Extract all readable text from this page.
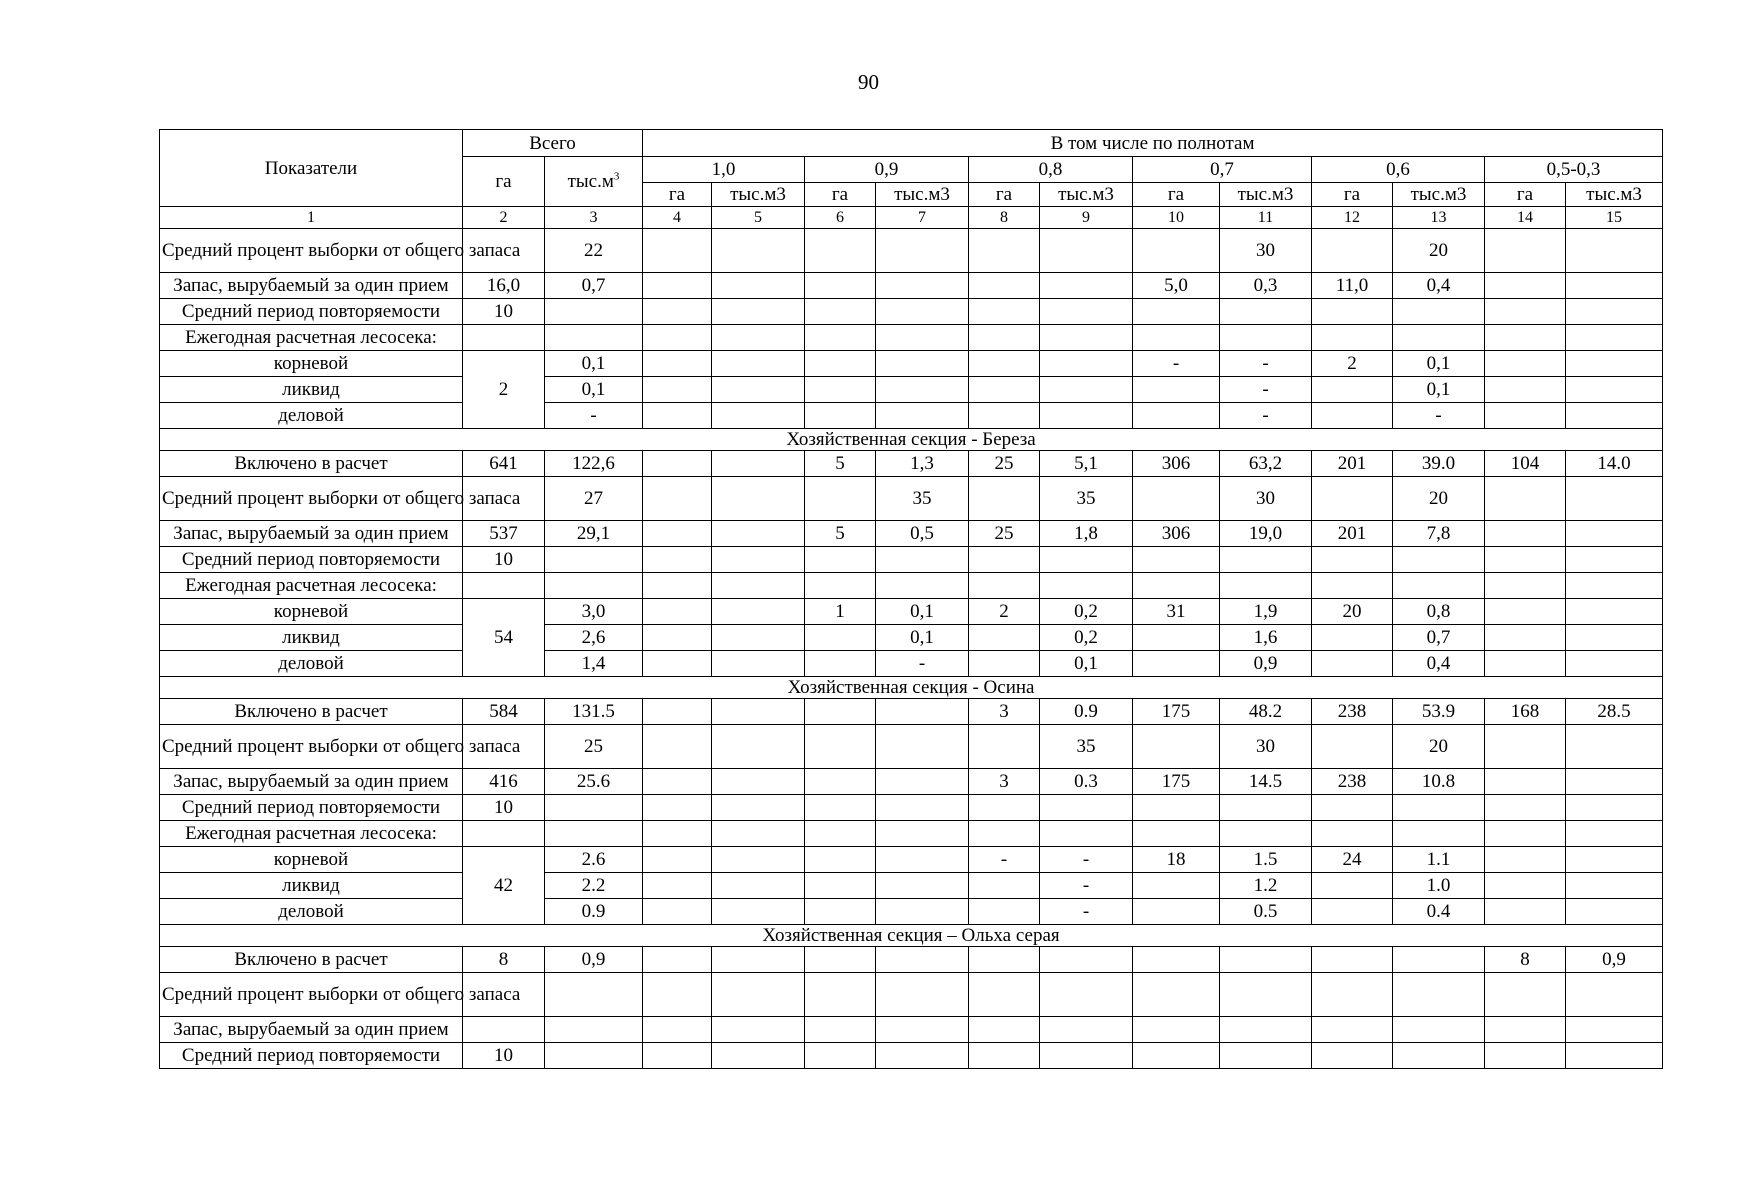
90
Показатели	Всего		В том числе по полнотам											
	га	$тыс.м^3$	1,0		0,9		0,8		0,7		0,6		0,5-0,3	
			га	тыс.м3	га	тыс.м3	га	тыс.м3	га	тыс.м3	га	тыс.м3	га	тыс.м3
1	2	3	4	5	6	7	8	9	10	11	12	13	14	15
Средний процент выборки от общего запаса		22								30		20		
Запас, вырубаемый за один прием	16,0	0,7							5,0	0,3	11,0	0,4		
Средний период повторяемости	10													
Ежегодная расчетная лесосека:														
корневой	2	0,1							-	-	2	0,1		
ликвид		0,1								-		0,1		
деловой		-								-		-		
Хозяйственная секция - Береза														
Включено в расчет	641	122,6			5	1,3	25	5,1	306	63,2	201	39.0	104	14.0
Средний процент выборки от общего запаса		27				35		35		30		20		
Запас, вырубаемый за один прием	537	29,1			5	0,5	25	1,8	306	19,0	201	7,8		
Средний период повторяемости	10													
Ежегодная расчетная лесосека:														
корневой	54	3,0			1	0,1	2	0,2	31	1,9	20	0,8		
ликвид		2,6				0,1		0,2		1,6		0,7		
деловой		1,4				-		0,1		0,9		0,4		
Хозяйственная секция - Осина														
Включено в расчет	584	131.5					3	0.9	175	48.2	238	53.9	168	28.5
Средний процент выборки от общего запаса		25						35		30		20		
Запас, вырубаемый за один прием	416	25.6					3	0.3	175	14.5	238	10.8		
Средний период повторяемости	10													
Ежегодная расчетная лесосека:														
корневой	42	2.6					-	-	18	1.5	24	1.1		
ликвид		2.2						-		1.2		1.0		
деловой		0.9						-		0.5		0.4		
Хозяйственная секция – Ольха серая														
Включено в расчет	8	0,9											8	0,9
Средний процент выборки от общего запаса														
Запас, вырубаемый за один прием														
Средний период повторяемости	10													
